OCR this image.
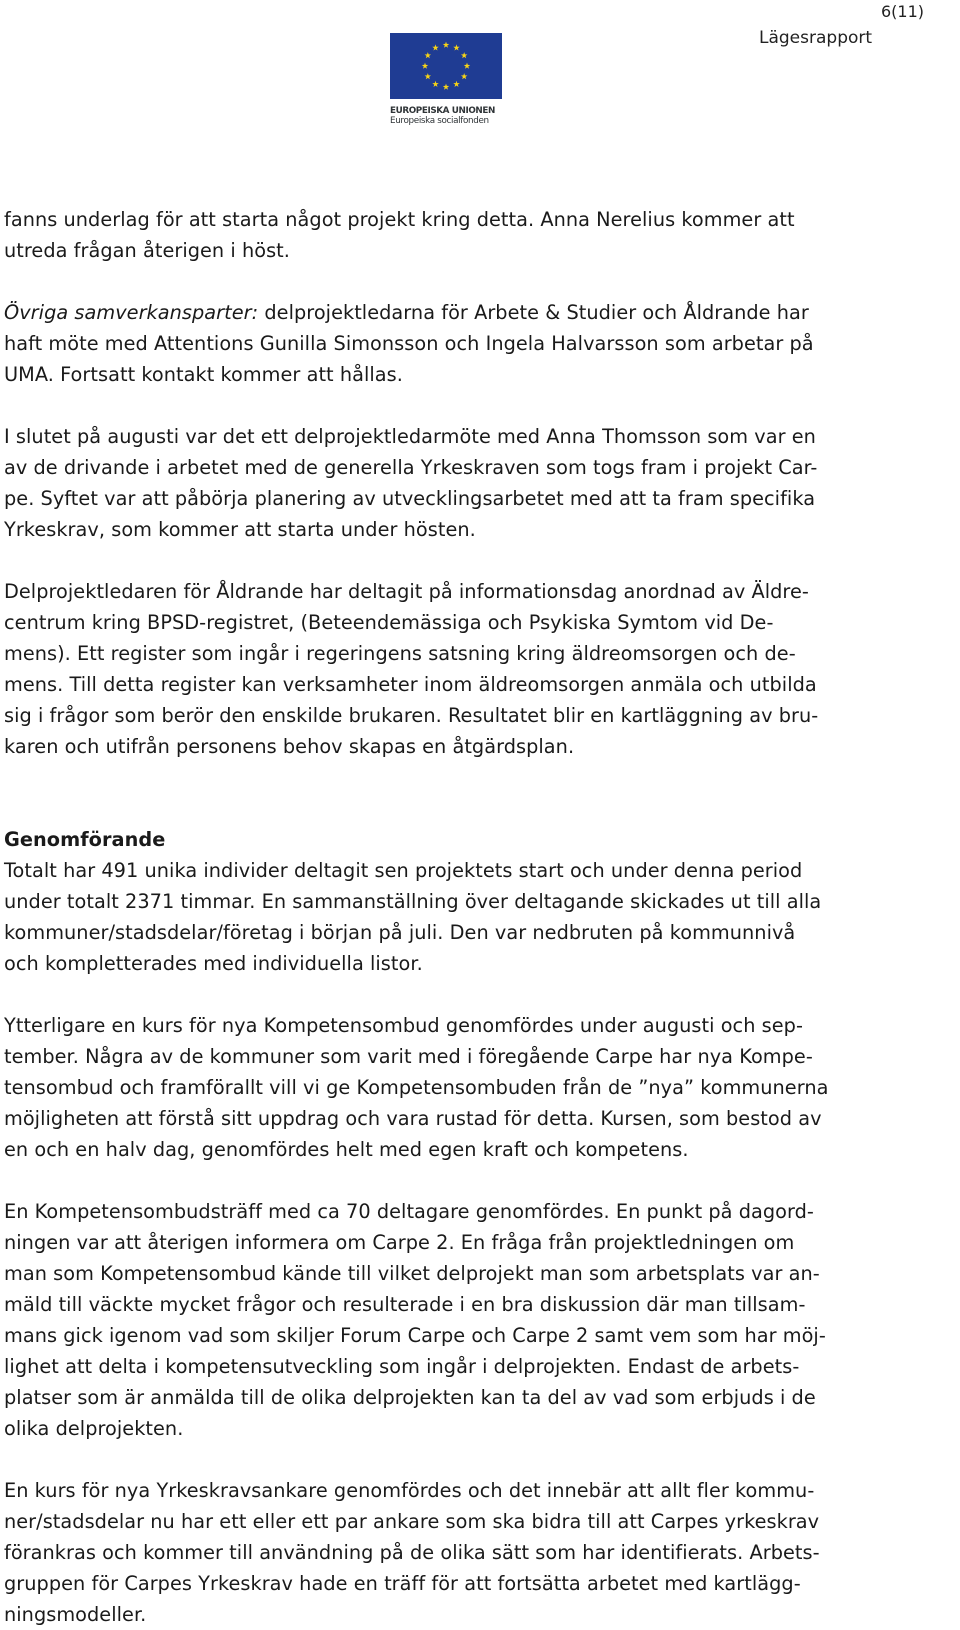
6(11)
Lägesrapport
EUROPEISKA UNIONEN
Europeiska socialfonden

fanns underlag för att starta något projekt kring detta. Anna Nerelius kommer att
utreda frågan återigen i höst.

Övriga samverkansparter: delprojektledarna för Arbete & Studier och Åldrande har
haft möte med Attentions Gunilla Simonsson och Ingela Halvarsson som arbetar på
UMA. Fortsatt kontakt kommer att hållas.

I slutet på augusti var det ett delprojektledarmöte med Anna Thomsson som var en
av de drivande i arbetet med de generella Yrkeskraven som togs fram i projekt Car-
pe. Syftet var att påbörja planering av utvecklingsarbetet med att ta fram specifika
Yrkeskrav, som kommer att starta under hösten.

Delprojektledaren för Åldrande har deltagit på informationsdag anordnad av Äldre-
centrum kring BPSD-registret, (Beteendemässiga och Psykiska Symtom vid De-
mens). Ett register som ingår i regeringens satsning kring äldreomsorgen och de-
mens. Till detta register kan verksamheter inom äldreomsorgen anmäla och utbilda
sig i frågor som berör den enskilde brukaren. Resultatet blir en kartläggning av bru-
karen och utifrån personens behov skapas en åtgärdsplan.

Genomförande

Totalt har 491 unika individer deltagit sen projektets start och under denna period
under totalt 2371 timmar. En sammanställning över deltagande skickades ut till alla
kommuner/stadsdelar/företag i början på juli. Den var nedbruten på kommunnivå
och kompletterades med individuella listor.

Ytterligare en kurs för nya Kompetensombud genomfördes under augusti och sep-
tember. Några av de kommuner som varit med i föregående Carpe har nya Kompe-
tensombud och framförallt vill vi ge Kompetensombuden från de ”nya” kommunerna
möjligheten att förstå sitt uppdrag och vara rustad för detta. Kursen, som bestod av
en och en halv dag, genomfördes helt med egen kraft och kompetens.

En Kompetensombudsträff med ca 70 deltagare genomfördes. En punkt på dagord-
ningen var att återigen informera om Carpe 2. En fråga från projektledningen om
man som Kompetensombud kände till vilket delprojekt man som arbetsplats var an-
mäld till väckte mycket frågor och resulterade i en bra diskussion där man tillsam-
mans gick igenom vad som skiljer Forum Carpe och Carpe 2 samt vem som har möj-
lighet att delta i kompetensutveckling som ingår i delprojekten. Endast de arbets-
platser som är anmälda till de olika delprojekten kan ta del av vad som erbjuds i de
olika delprojekten.

En kurs för nya Yrkeskravsankare genomfördes och det innebär att allt fler kommu-
ner/stadsdelar nu har ett eller ett par ankare som ska bidra till att Carpes yrkeskrav
förankras och kommer till användning på de olika sätt som har identifierats. Arbets-
gruppen för Carpes Yrkeskrav hade en träff för att fortsätta arbetet med kartlägg-
ningsmodeller.
